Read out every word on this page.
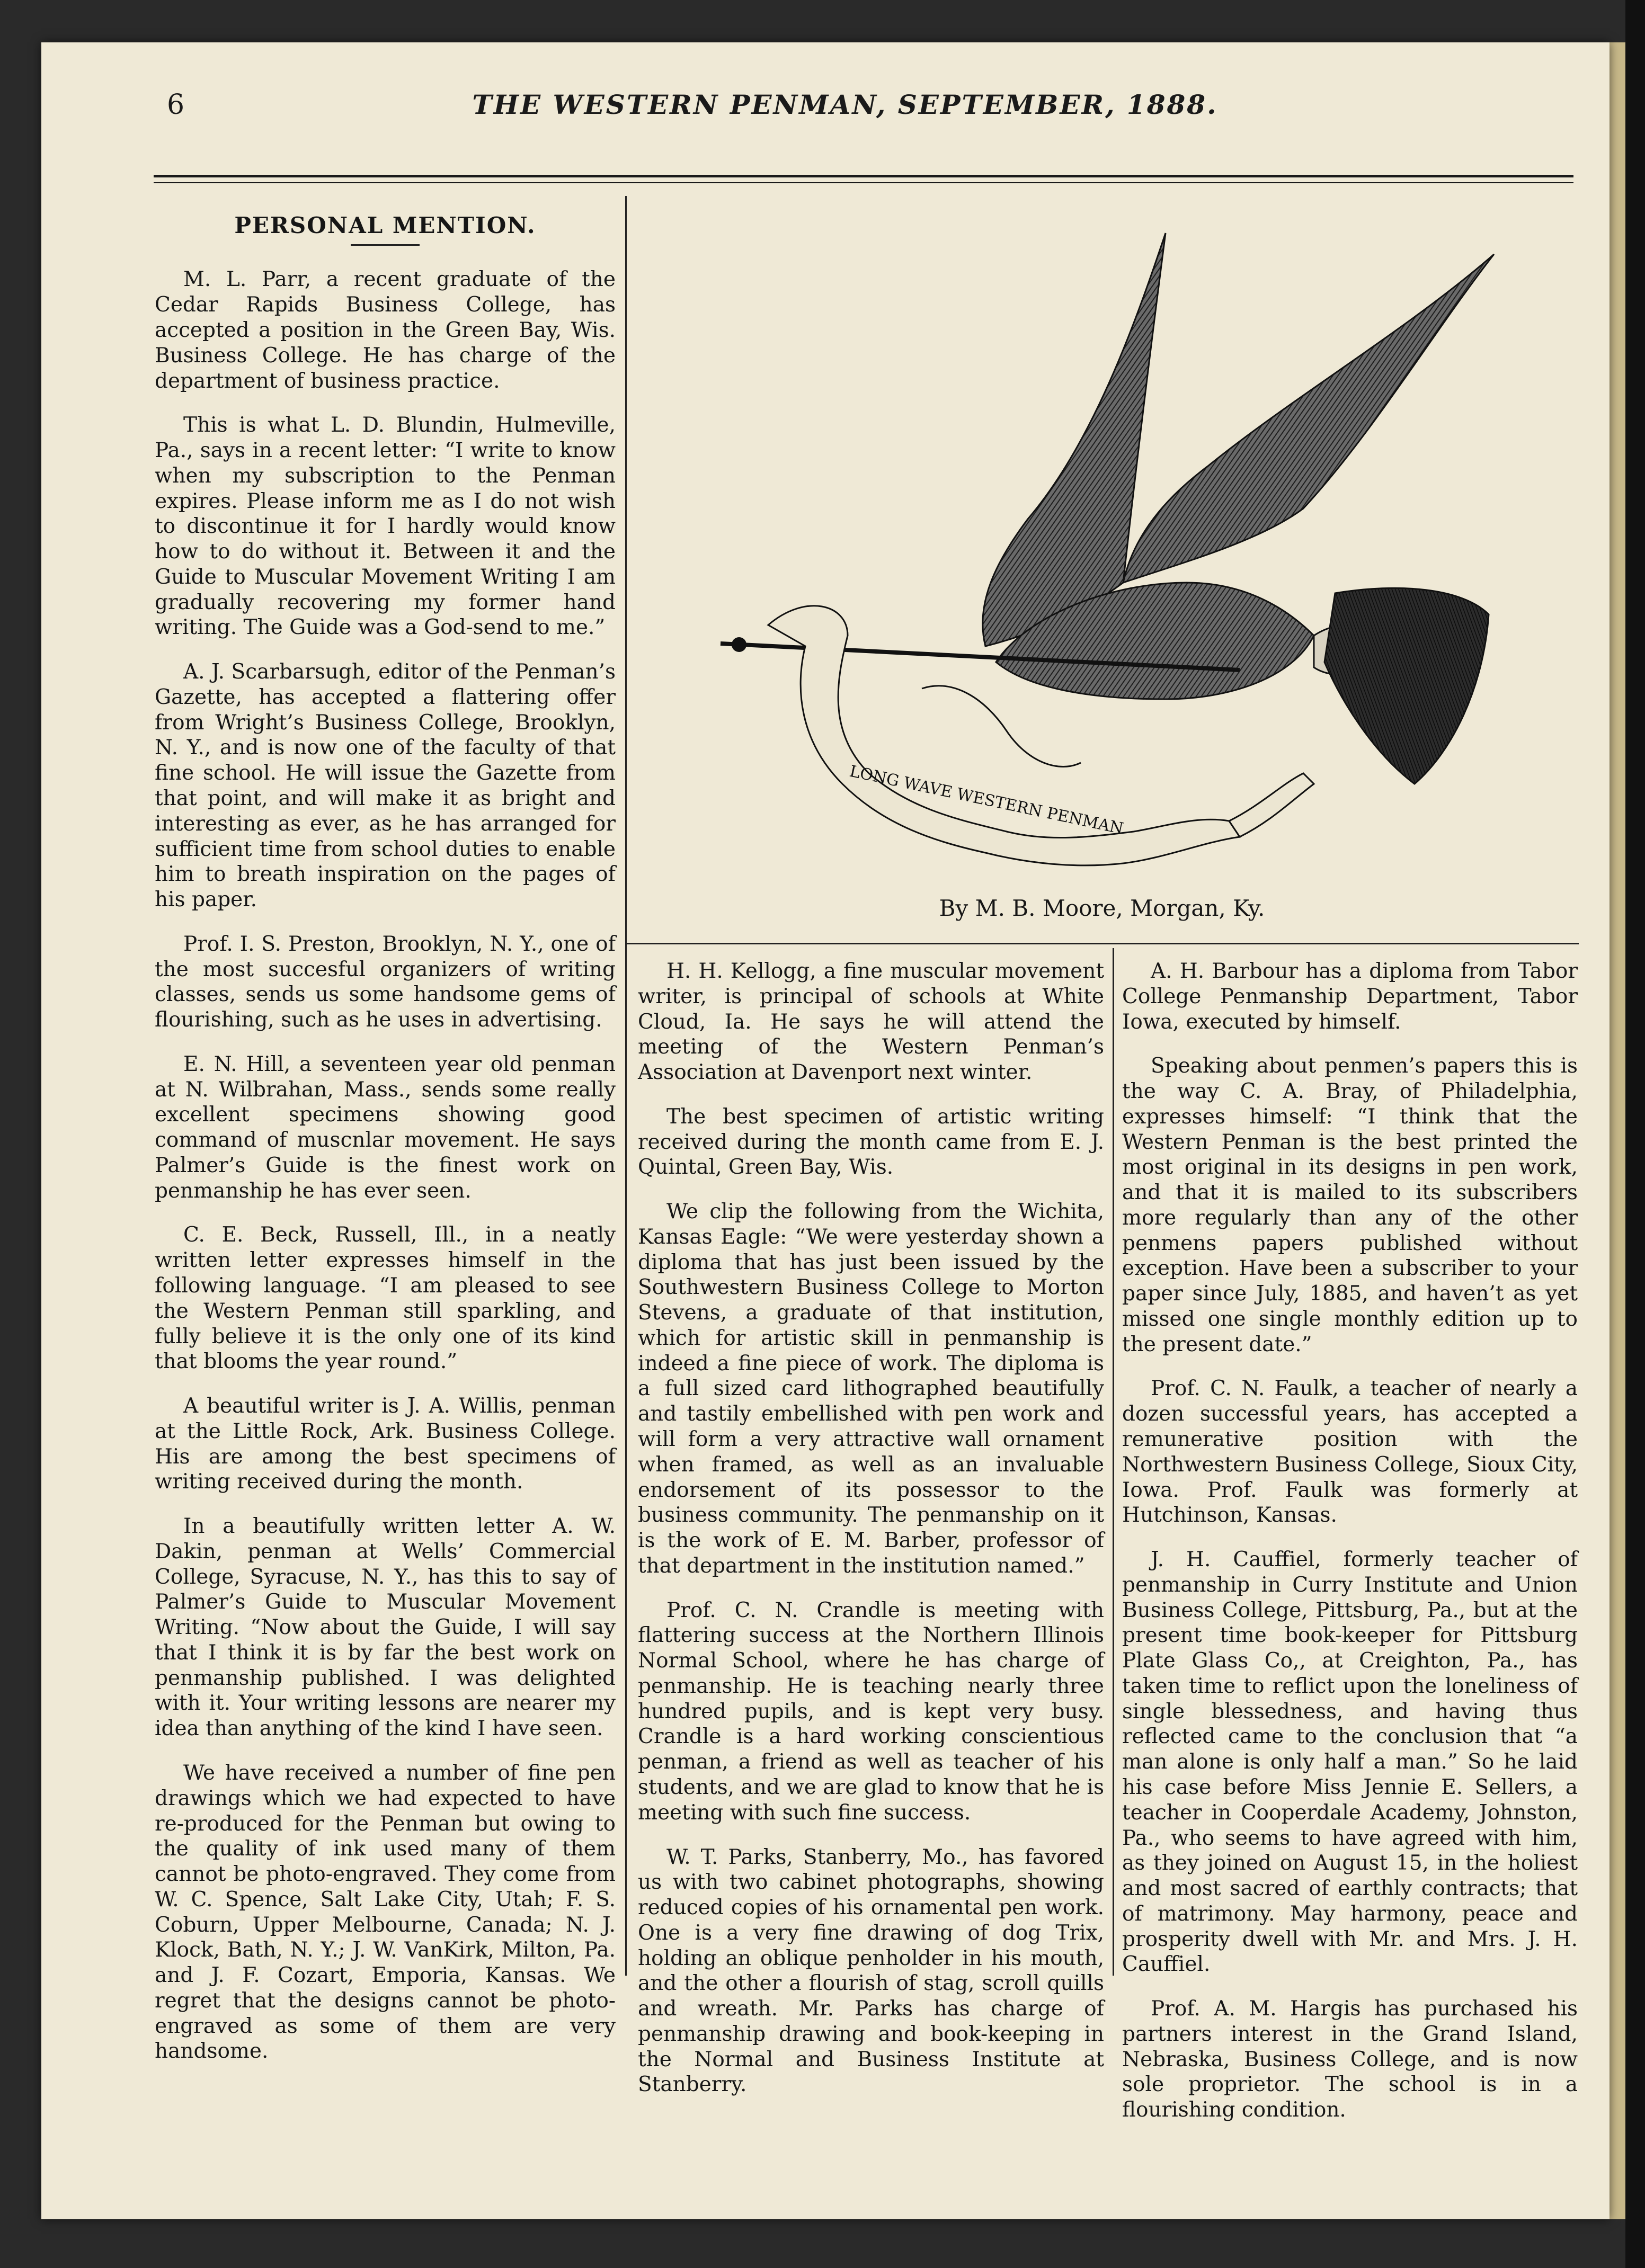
6	THE WESTERN PENMAN, SEPTEMBER, 1888.
PERSONAL MENTION.

M. L. Parr, a recent graduate of the Cedar Rapids Business College, has accepted a position in the Green Bay, Wis. Business College. He has charge of the department of business practice.

This is what L. D. Blundin, Hulmeville, Pa., says in a recent letter: “I write to know when my subscription to the Penman expires. Please inform me as I do not wish to discontinue it for I hardly would know how to do without it. Between it and the Guide to Muscular Movement Writing I am gradually recovering my former hand writing. The Guide was a God-send to me.”

A. J. Scarbarsugh, editor of the Penman’s Gazette, has accepted a flattering offer from Wright’s Business College, Brooklyn, N. Y., and is now one of the faculty of that fine school. He will issue the Gazette from that point, and will make it as bright and interesting as ever, as he has arranged for sufficient time from school duties to enable him to breath inspiration on the pages of his paper.

Prof. I. S. Preston, Brooklyn, N. Y., one of the most succesful organizers of writing classes, sends us some handsome gems of flourishing, such as he uses in advertising.

E. N. Hill, a seventeen year old penman at N. Wilbrahan, Mass., sends some really excellent specimens showing good command of muscnlar movement. He says Palmer’s Guide is the finest work on penmanship he has ever seen.

C. E. Beck, Russell, Ill., in a neatly written letter expresses himself in the following language. “I am pleased to see the Western Penman still sparkling, and fully believe it is the only one of its kind that blooms the year round.”

A beautiful writer is J. A. Willis, penman at the Little Rock, Ark. Business College. His are among the best specimens of writing received during the month.

In a beautifully written letter A. W. Dakin, penman at Wells’ Commercial College, Syracuse, N. Y., has this to say of Palmer’s Guide to Muscular Movement Writing. “Now about the Guide, I will say that I think it is by far the best work on penmanship published. I was delighted with it. Your writing lessons are nearer my idea than anything of the kind I have seen.

We have received a number of fine pen drawings which we had expected to have re-produced for the Penman but owing to the quality of ink used many of them cannot be photo-engraved. They come from W. C. Spence, Salt Lake City, Utah; F. S. Coburn, Upper Melbourne, Canada; N. J. Klock, Bath, N. Y.; J. W. VanKirk, Milton, Pa. and J. F. Cozart, Emporia, Kansas. We regret that the designs cannot be photo-engraved as some of them are very handsome.

LONG WAVE WESTERN PENMAN
By M. B. Moore, Morgan, Ky.

H. H. Kellogg, a fine muscular movement writer, is principal of schools at White Cloud, Ia. He says he will attend the meeting of the Western Penman’s Association at Davenport next winter.

The best specimen of artistic writing received during the month came from E. J. Quintal, Green Bay, Wis.

We clip the following from the Wichita, Kansas Eagle: “We were yesterday shown a diploma that has just been issued by the Southwestern Business College to Morton Stevens, a graduate of that institution, which for artistic skill in penmanship is indeed a fine piece of work. The diploma is a full sized card lithographed beautifully and tastily embellished with pen work and will form a very attractive wall ornament when framed, as well as an invaluable endorsement of its possessor to the business community. The penmanship on it is the work of E. M. Barber, professor of that department in the institution named.”

Prof. C. N. Crandle is meeting with flattering success at the Northern Illinois Normal School, where he has charge of penmanship. He is teaching nearly three hundred pupils, and is kept very busy. Crandle is a hard working conscientious penman, a friend as well as teacher of his students, and we are glad to know that he is meeting with such fine success.

W. T. Parks, Stanberry, Mo., has favored us with two cabinet photographs, showing reduced copies of his ornamental pen work. One is a very fine drawing of dog Trix, holding an oblique penholder in his mouth, and the other a flourish of stag, scroll quills and wreath. Mr. Parks has charge of penmanship drawing and book-keeping in the Normal and Business Institute at Stanberry.

A. H. Barbour has a diploma from Tabor College Penmanship Department, Tabor Iowa, executed by himself.

Speaking about penmen’s papers this is the way C. A. Bray, of Philadelphia, expresses himself: “I think that the Western Penman is the best printed the most original in its designs in pen work, and that it is mailed to its subscribers more regularly than any of the other penmens papers published without exception. Have been a subscriber to your paper since July, 1885, and haven’t as yet missed one single monthly edition up to the present date.”

Prof. C. N. Faulk, a teacher of nearly a dozen successful years, has accepted a remunerative position with the Northwestern Business College, Sioux City, Iowa. Prof. Faulk was formerly at Hutchinson, Kansas.

J. H. Cauffiel, formerly teacher of penmanship in Curry Institute and Union Business College, Pittsburg, Pa., but at the present time book-keeper for Pittsburg Plate Glass Co,, at Creighton, Pa., has taken time to reflict upon the loneliness of single blessedness, and having thus reflected came to the conclusion that “a man alone is only half a man.” So he laid his case before Miss Jennie E. Sellers, a teacher in Cooperdale Academy, Johnston, Pa., who seems to have agreed with him, as they joined on August 15, in the holiest and most sacred of earthly contracts; that of matrimony. May harmony, peace and prosperity dwell with Mr. and Mrs. J. H. Cauffiel.

Prof. A. M. Hargis has purchased his partners interest in the Grand Island, Nebraska, Business College, and is now sole proprietor. The school is in a flourishing condition.
